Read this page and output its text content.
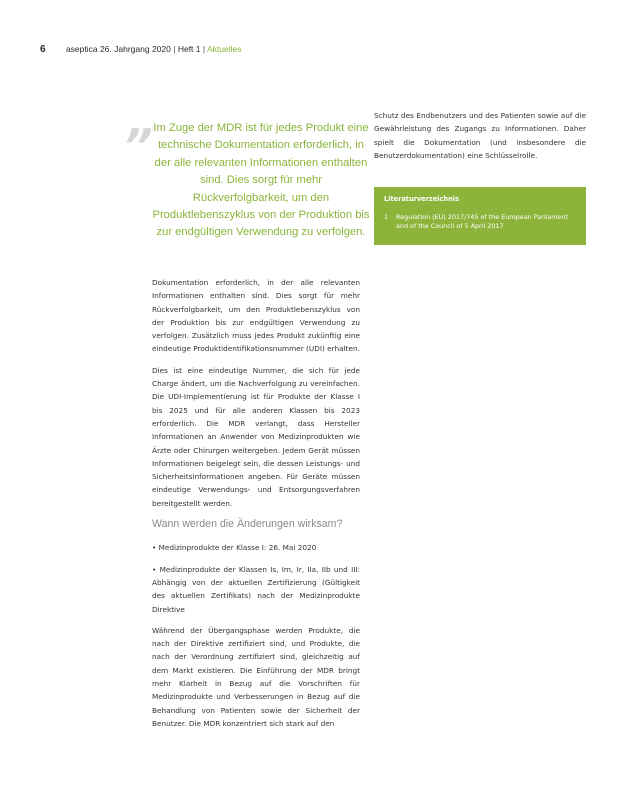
6 aseptica 26. Jahrgang 2020 | Heft 1 | Aktuelles
„
Im Zuge der MDR ist für jedes Produkt eine technische Dokumentation erforderlich, in der alle relevanten Informationen enthalten sind. Dies sorgt für mehr Rückverfolgbarkeit, um den Produktlebenszyklus von der Produktion bis zur endgültigen Verwendung zu verfolgen.

Schutz des Endbenutzers und des Patienten sowie auf die Gewährleistung des Zugangs zu Informationen. Daher spielt die Dokumentation (und insbesondere die Benutzerdokumentation) eine Schlüsselrolle.

Literaturverzeichnis
1	Regulation (EU) 2017/745 of the European Parliament and of the Council of 5 April 2017

Dokumentation erforderlich, in der alle relevanten Informationen enthalten sind. Dies sorgt für mehr Rückverfolgbarkeit, um den Produktlebenszyklus von der Produktion bis zur endgültigen Verwendung zu verfolgen. Zusätzlich muss jedes Produkt zukünftig eine eindeutige Produktidentifikationsnummer (UDI) erhalten.

Dies ist eine eindeutige Nummer, die sich für jede Charge ändert, um die Nachverfolgung zu vereinfachen. Die UDI-Implementierung ist für Produkte der Klasse I bis 2025 und für alle anderen Klassen bis 2023 erforderlich. Die MDR verlangt, dass Hersteller Informationen an Anwender von Medizinprodukten wie Ärzte oder Chirurgen weitergeben. Jedem Gerät müssen Informationen beigelegt sein, die dessen Leistungs- und Sicherheitsinformationen angeben. Für Geräte müssen eindeutige Verwendungs- und Entsorgungsverfahren bereitgestellt werden.

Wann werden die Änderungen wirksam?

• Medizinprodukte der Klasse I: 26. Mai 2020

• Medizinprodukte der Klassen Is, Im, Ir, IIa, IIb und III: Abhängig von der aktuellen Zertifizierung (Gültigkeit des aktuellen Zertifikats) nach der Medizinprodukte Direktive

Während der Übergangsphase werden Produkte, die nach der Direktive zertifiziert sind, und Produkte, die nach der Verordnung zertifiziert sind, gleichzeitig auf dem Markt existieren. Die Einführung der MDR bringt mehr Klarheit in Bezug auf die Vorschriften für Medizinprodukte und Verbesserungen in Bezug auf die Behandlung von Patienten sowie der Sicherheit der Benutzer. Die MDR konzentriert sich stark auf den
